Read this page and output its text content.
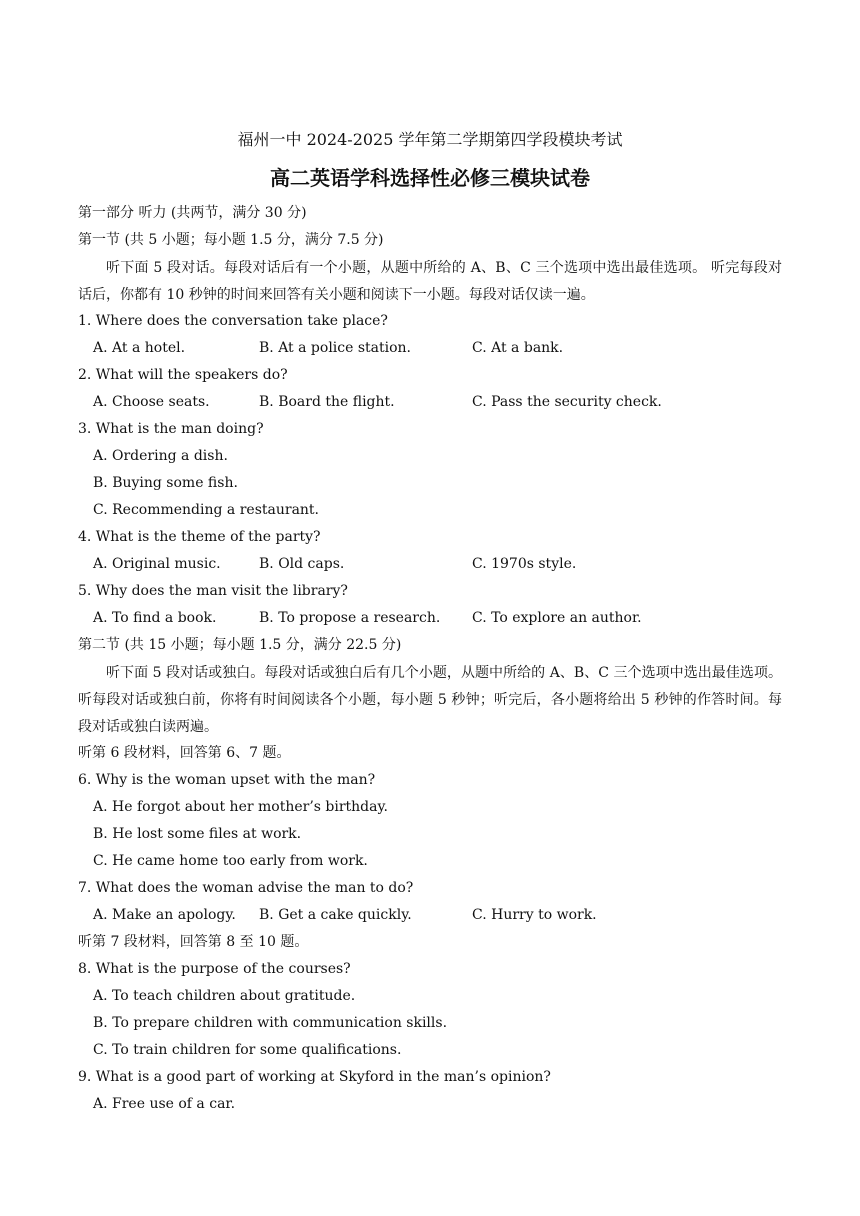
福州一中 2024-2025 学年第二学期第四学段模块考试
高二英语学科选择性必修三模块试卷
第一部分 听力 (共两节，满分 30 分)
第一节 (共 5 小题；每小题 1.5 分，满分 7.5 分)
听下面 5 段对话。每段对话后有一个小题，从题中所给的 A、B、C 三个选项中选出最佳选项。 听完每段对话后，你都有 10 秒钟的时间来回答有关小题和阅读下一小题。每段对话仅读一遍。
1. Where does the conversation take place?
A. At a hotel.	B. At a police station.	C. At a bank.
2. What will the speakers do?
A. Choose seats.	B. Board the flight.	C. Pass the security check.
3. What is the man doing?
A. Ordering a dish.
B. Buying some fish.
C. Recommending a restaurant.
4. What is the theme of the party?
A. Original music.	B. Old caps.	C. 1970s style.
5. Why does the man visit the library?
A. To find a book.	B. To propose a research. C. To explore an author.
第二节 (共 15 小题；每小题 1.5 分，满分 22.5 分)
听下面 5 段对话或独白。每段对话或独白后有几个小题，从题中所给的 A、B、C 三个选项中选出最佳选项。听每段对话或独白前，你将有时间阅读各个小题，每小题 5 秒钟；听完后，各小题将给出 5 秒钟的作答时间。每段对话或独白读两遍。
听第 6 段材料，回答第 6、7 题。
6. Why is the woman upset with the man?
A. He forgot about her mother’s birthday.
B. He lost some files at work.
C. He came home too early from work.
7. What does the woman advise the man to do?
A. Make an apology. B. Get a cake quickly.	C. Hurry to work.
听第 7 段材料，回答第 8 至 10 题。
8. What is the purpose of the courses?
A. To teach children about gratitude.
B. To prepare children with communication skills.
C. To train children for some qualifications.
9. What is a good part of working at Skyford in the man’s opinion?
A. Free use of a car.
